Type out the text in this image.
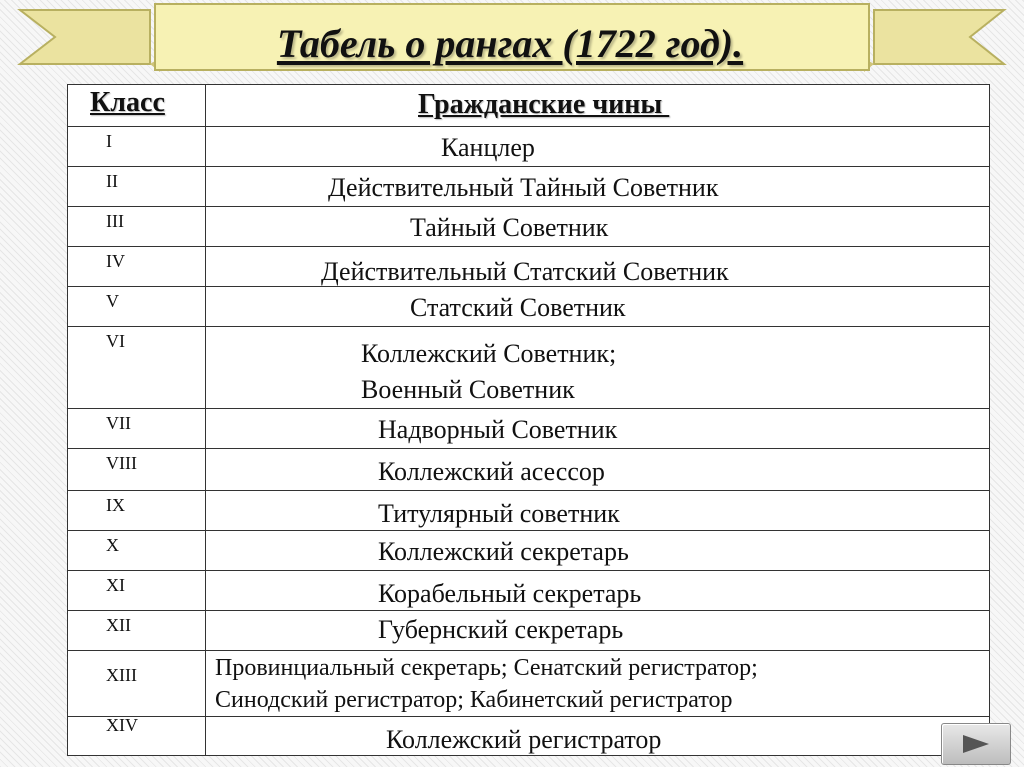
Табель о рангах (1722 год).
Класс	Гражданские чины
I	Канцлер
II	Действительный Тайный Советник
III	Тайный Советник
IV	Действительный Статский Советник
V	Статский Советник
VI	Коллежский Советник;
Военный Советник
VII	Надворный Советник
VIII	Коллежский асессор
IX	Титулярный советник
X	Коллежский секретарь
XI	Корабельный секретарь
XII	Губернский секретарь
XIII	Провинциальный секретарь; Сенатский регистратор;
Синодский регистратор; Кабинетский регистратор
XIV	Коллежский регистратор
